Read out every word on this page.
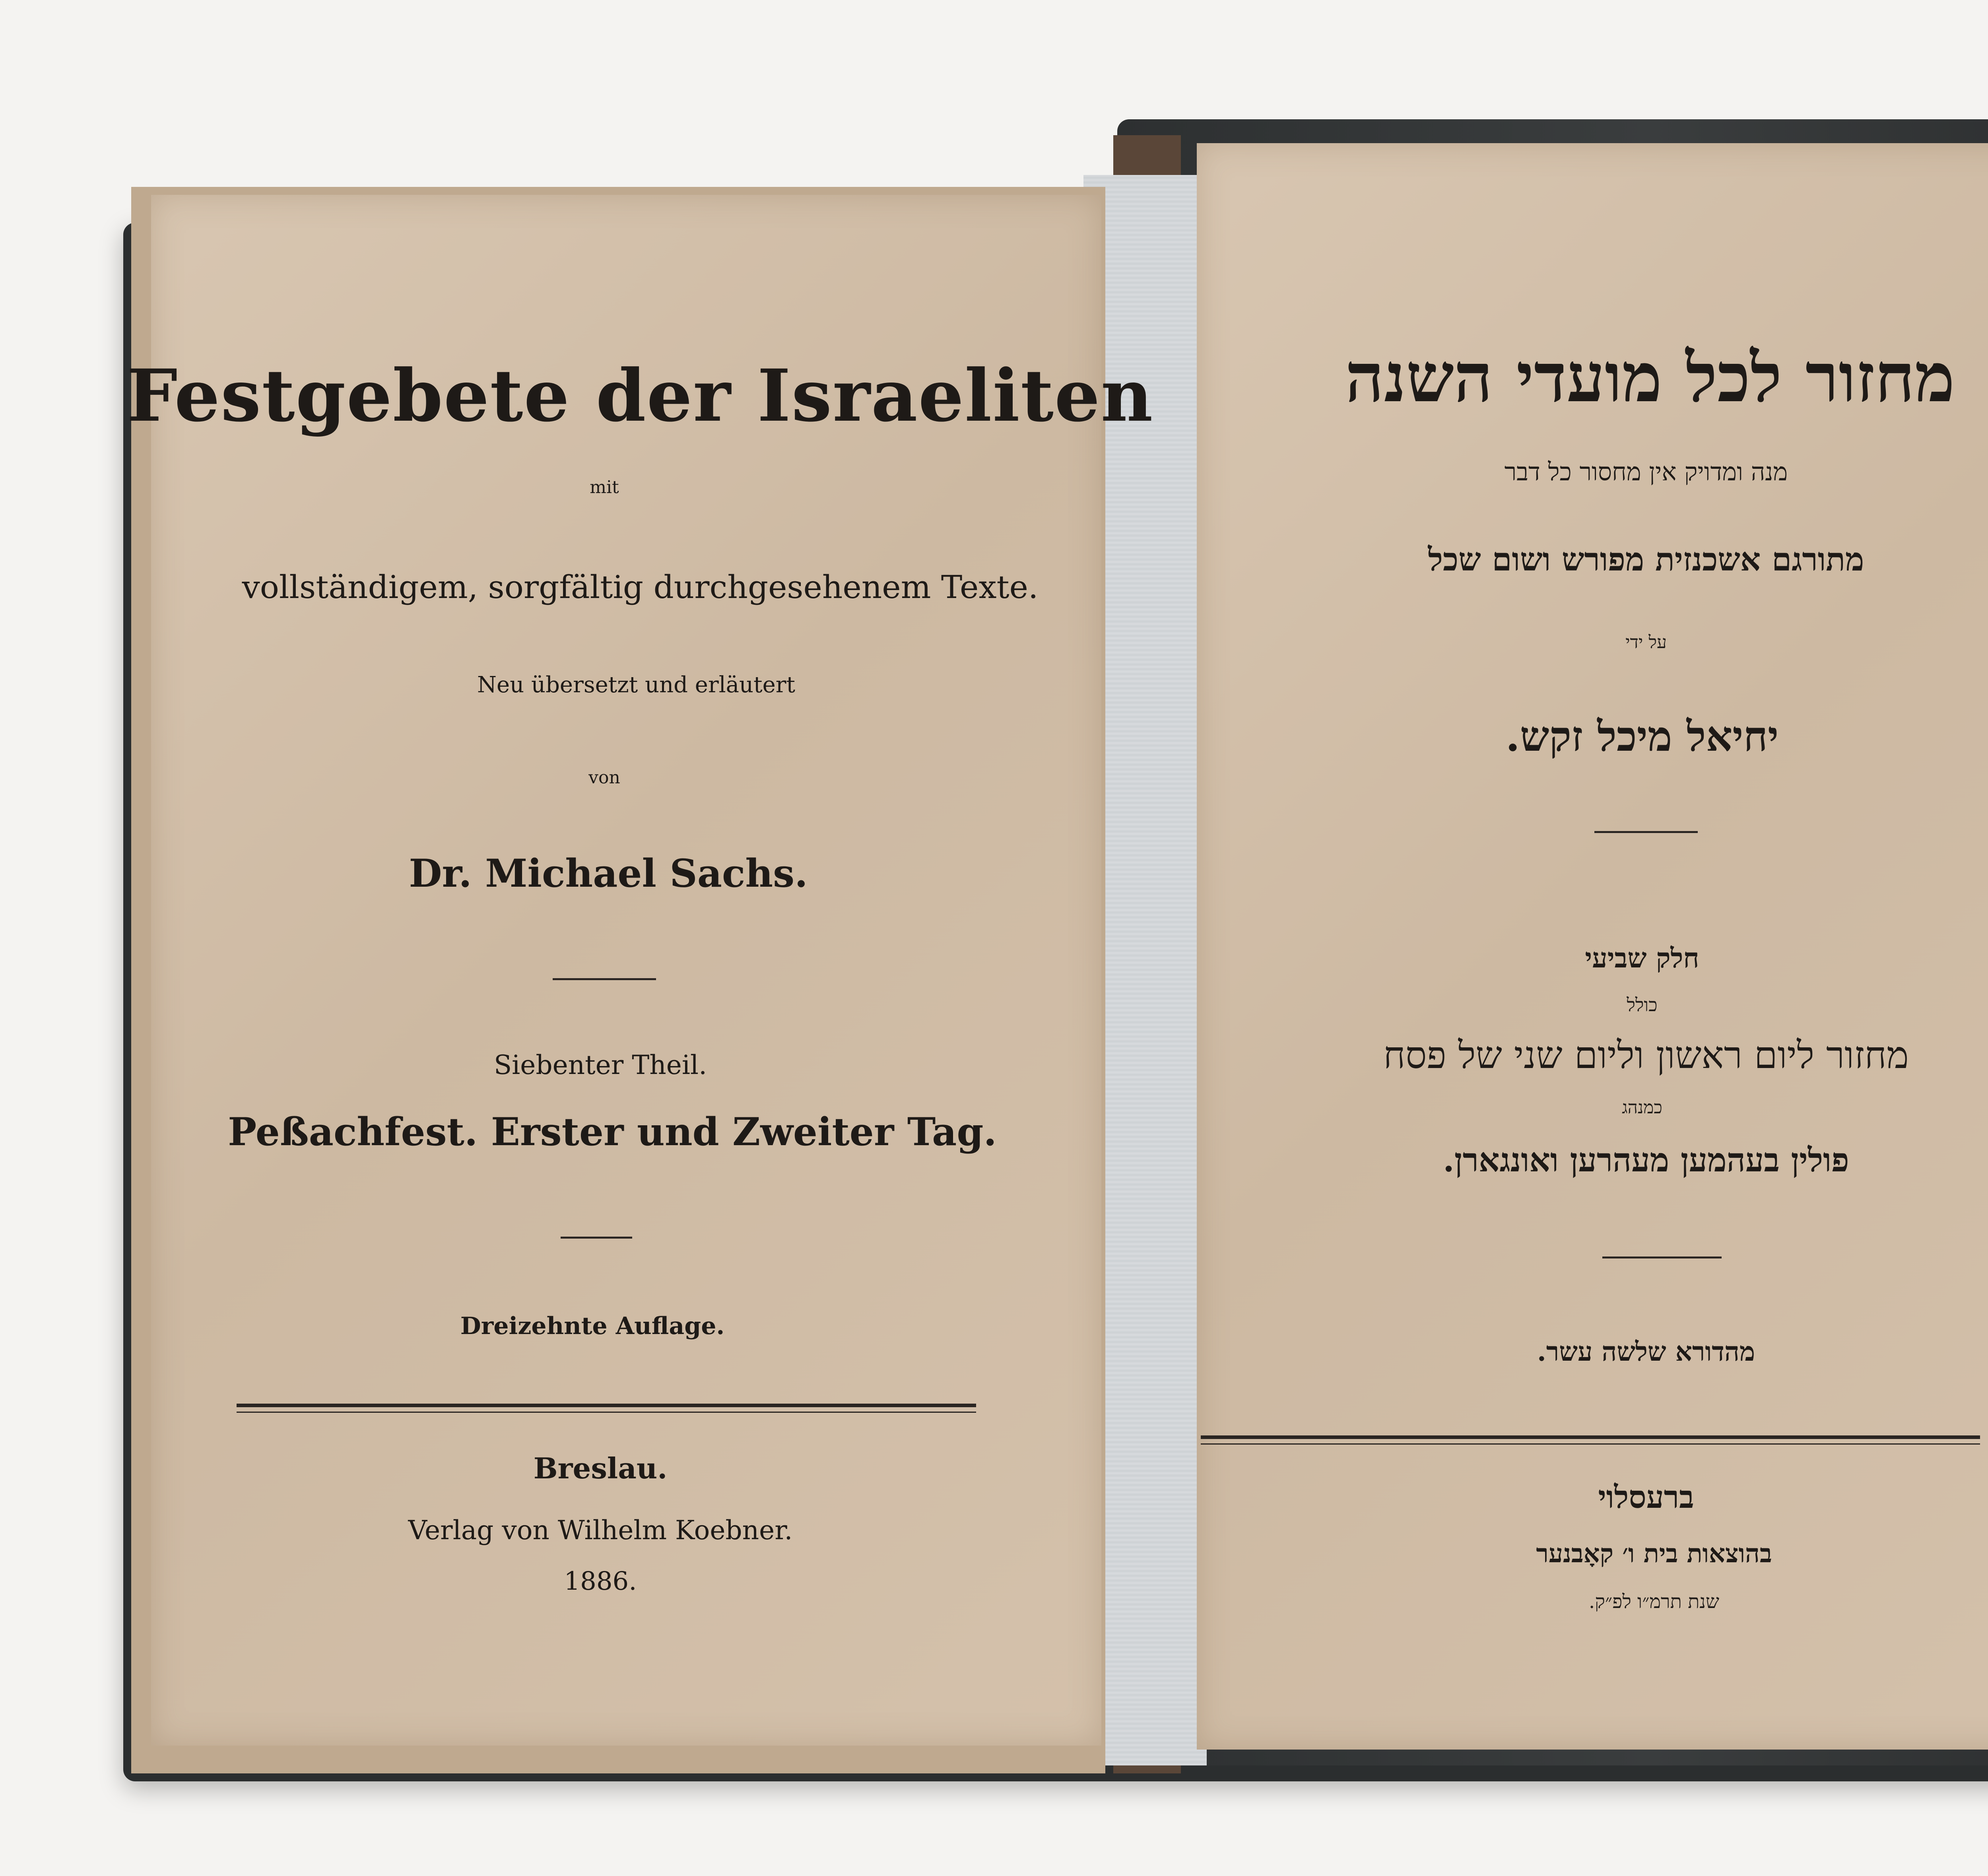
Festgebete der Israeliten
mit
vollständigem, sorgfältig durchgesehenem Texte.
Neu übersetzt und erläutert
von
Dr. Michael Sachs.
Siebenter Theil.
Peßachfest. Erster und Zweiter Tag.
Dreizehnte Auflage.
Breslau.
Verlag von Wilhelm Koebner.
1886.
מחזור לכל מועדי השנה
מנה ומדויק אין מחסור כל דבר
מתורגם אשכנזית מפורש ושום שכל
על ידי
יחיאל מיכל זקש.
חלק שביעי
כולל
מחזור ליום ראשון וליום שני של פסח
כמנהג
פולין בעהמען מעהרען ואונגארן.
מהדורא שלשה עשר.
ברעסלוי
בהוצאות בית ו׳ קאָבנער
שנת תרמ״ו לפ״ק.
